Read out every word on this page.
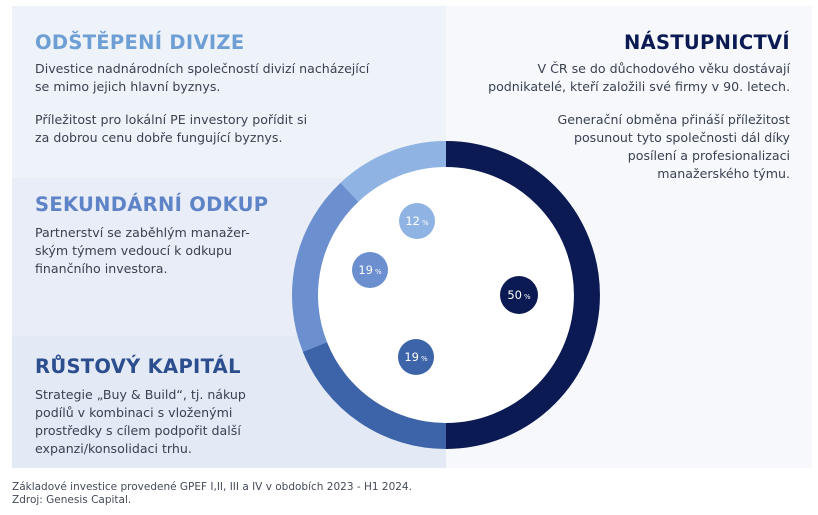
ODŠTĚPENÍ DIVIZE
Divestice nadnárodních společností divizí nacházející
se mimo jejich hlavní byznys.
Příležitost pro lokální PE investory pořídit si
za dobrou cenu dobře fungující byznys.
SEKUNDÁRNÍ ODKUP
Partnerství se zaběhlým manažer-
ským týmem vedoucí k odkupu
finančního investora.
RŮSTOVÝ KAPITÁL
Strategie „Buy & Build“, tj. nákup
podílů v kombinaci s vloženými
prostředky s cílem podpořit další
expanzi/konsolidaci trhu.
NÁSTUPNICTVÍ
V ČR se do důchodového věku dostávají
podnikatelé, kteří založili své firmy v 90. letech.
Generační obměna přináší příležitost
posunout tyto společnosti dál díky
posílení a profesionalizaci
manažerského týmu.
50 %
19 %
19 %
12 %
Základové investice provedené GPEF I,II, III a IV v obdobích 2023 - H1 2024.
Zdroj: Genesis Capital.
